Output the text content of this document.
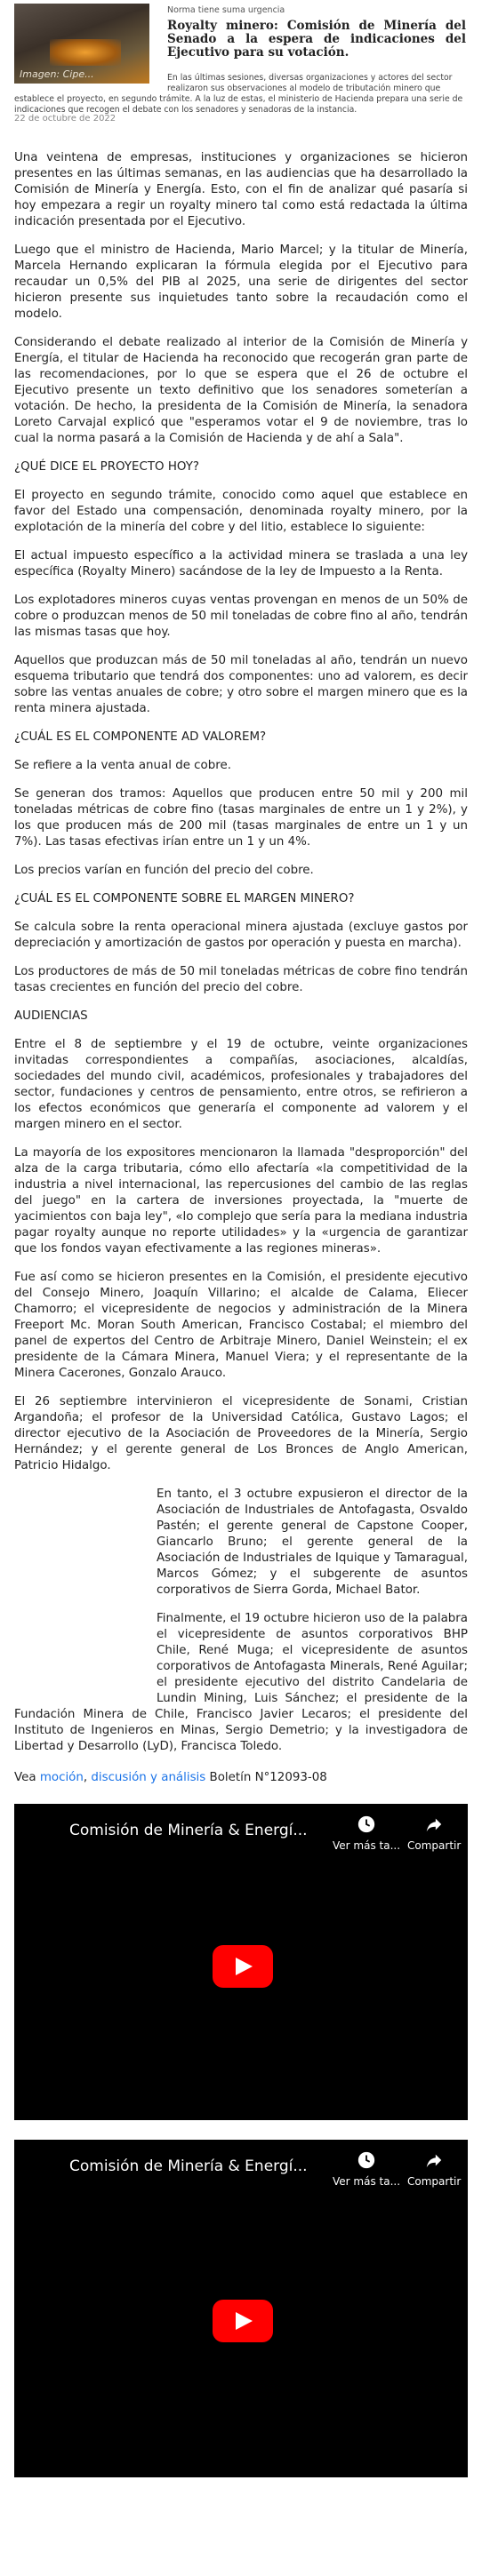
Imagen: Cipe...
Norma tiene suma urgencia
Royalty minero: Comisión de Minería del Senado a la espera de indicaciones del Ejecutivo para su votación.

En las últimas sesiones, diversas organizaciones y actores del sector realizaron sus observaciones al modelo de tributación minero que
establece el proyecto, en segundo trámite. A la luz de estas, el ministerio de Hacienda prepara una serie de indicaciones que recogen el debate con los senadores y senadoras de la instancia.

22 de octubre de 2022

Una veintena de empresas, instituciones y organizaciones se hicieron presentes en las últimas semanas, en las audiencias que ha desarrollado la Comisión de Minería y Energía. Esto, con el fin de analizar qué pasaría si hoy empezara a regir un royalty minero tal como está redactada la última indicación presentada por el Ejecutivo.

Luego que el ministro de Hacienda, Mario Marcel; y la titular de Minería, Marcela Hernando explicaran la fórmula elegida por el Ejecutivo para recaudar un 0,5% del PIB al 2025, una serie de dirigentes del sector hicieron presente sus inquietudes tanto sobre la recaudación como el modelo.

Considerando el debate realizado al interior de la Comisión de Minería y Energía, el titular de Hacienda ha reconocido que recogerán gran parte de las recomendaciones, por lo que se espera que el 26 de octubre el Ejecutivo presente un texto definitivo que los senadores someterían a votación. De hecho, la presidenta de la Comisión de Minería, la senadora Loreto Carvajal explicó que "esperamos votar el 9 de noviembre, tras lo cual la norma pasará a la Comisión de Hacienda y de ahí a Sala".

¿QUÉ DICE EL PROYECTO HOY?

El proyecto en segundo trámite, conocido como aquel que establece en favor del Estado una compensación, denominada royalty minero, por la explotación de la minería del cobre y del litio, establece lo siguiente:

El actual impuesto específico a la actividad minera se traslada a una ley específica (Royalty Minero) sacándose de la ley de Impuesto a la Renta.

Los explotadores mineros cuyas ventas provengan en menos de un 50% de cobre o produzcan menos de 50 mil toneladas de cobre fino al año, tendrán las mismas tasas que hoy.

Aquellos que produzcan más de 50 mil toneladas al año, tendrán un nuevo esquema tributario que tendrá dos componentes: uno ad valorem, es decir sobre las ventas anuales de cobre; y otro sobre el margen minero que es la renta minera ajustada.

¿CUÁL ES EL COMPONENTE AD VALOREM?

Se refiere a la venta anual de cobre.

Se generan dos tramos: Aquellos que producen entre 50 mil y 200 mil toneladas métricas de cobre fino (tasas marginales de entre un 1 y 2%), y los que producen más de 200 mil (tasas marginales de entre un 1 y un 7%). Las tasas efectivas irían entre un 1 y un 4%.

Los precios varían en función del precio del cobre.

¿CUÁL ES EL COMPONENTE SOBRE EL MARGEN MINERO?

Se calcula sobre la renta operacional minera ajustada (excluye gastos por depreciación y amortización de gastos por operación y puesta en marcha).

Los productores de más de 50 mil toneladas métricas de cobre fino tendrán tasas crecientes en función del precio del cobre.

AUDIENCIAS

Entre el 8 de septiembre y el 19 de octubre, veinte organizaciones invitadas correspondientes a compañías, asociaciones, alcaldías, sociedades del mundo civil, académicos, profesionales y trabajadores del sector, fundaciones y centros de pensamiento, entre otros, se refirieron a los efectos económicos que generaría el componente ad valorem y el margen minero en el sector.

La mayoría de los expositores mencionaron la llamada "desproporción" del alza de la carga tributaria, cómo ello afectaría «la competitividad de la industria a nivel internacional, las repercusiones del cambio de las reglas del juego" en la cartera de inversiones proyectada, la "muerte de yacimientos con baja ley", «lo complejo que sería para la mediana industria pagar royalty aunque no reporte utilidades» y la «urgencia de garantizar que los fondos vayan efectivamente a las regiones mineras».

Fue así como se hicieron presentes en la Comisión, el presidente ejecutivo del Consejo Minero, Joaquín Villarino; el alcalde de Calama, Eliecer Chamorro; el vicepresidente de negocios y administración de la Minera Freeport Mc. Moran South American, Francisco Costabal; el miembro del panel de expertos del Centro de Arbitraje Minero, Daniel Weinstein; el ex presidente de la Cámara Minera, Manuel Viera; y el representante de la Minera Cacerones, Gonzalo Arauco.

El 26 septiembre intervinieron el vicepresidente de Sonami, Cristian Argandoña; el profesor de la Universidad Católica, Gustavo Lagos; el director ejecutivo de la Asociación de Proveedores de la Minería, Sergio Hernández; y el gerente general de Los Bronces de Anglo American, Patricio Hidalgo.

En tanto, el 3 octubre expusieron el director de la Asociación de Industriales de Antofagasta, Osvaldo Pastén; el gerente general de Capstone Cooper, Giancarlo Bruno; el gerente general de la Asociación de Industriales de Iquique y Tamaragual, Marcos Gómez; y el subgerente de asuntos corporativos de Sierra Gorda, Michael Bator.

Finalmente, el 19 octubre hicieron uso de la palabra el vicepresidente de asuntos corporativos BHP Chile, René Muga; el vicepresidente de asuntos corporativos de Antofagasta Minerals, René Aguilar; el presidente ejecutivo del distrito Candelaria de Lundin Mining, Luis Sánchez; el presidente de la Fundación Minera de Chile, Francisco Javier Lecaros; el presidente del Instituto de Ingenieros en Minas, Sergio Demetrio; y la investigadora de Libertad y Desarrollo (LyD), Francisca Toledo.

Vea moción, discusión y análisis Boletín N°12093-08
Comisión de Minería & Energí...
Ver más ta... Compartir
Comisión de Minería & Energí...
Ver más ta... Compartir
